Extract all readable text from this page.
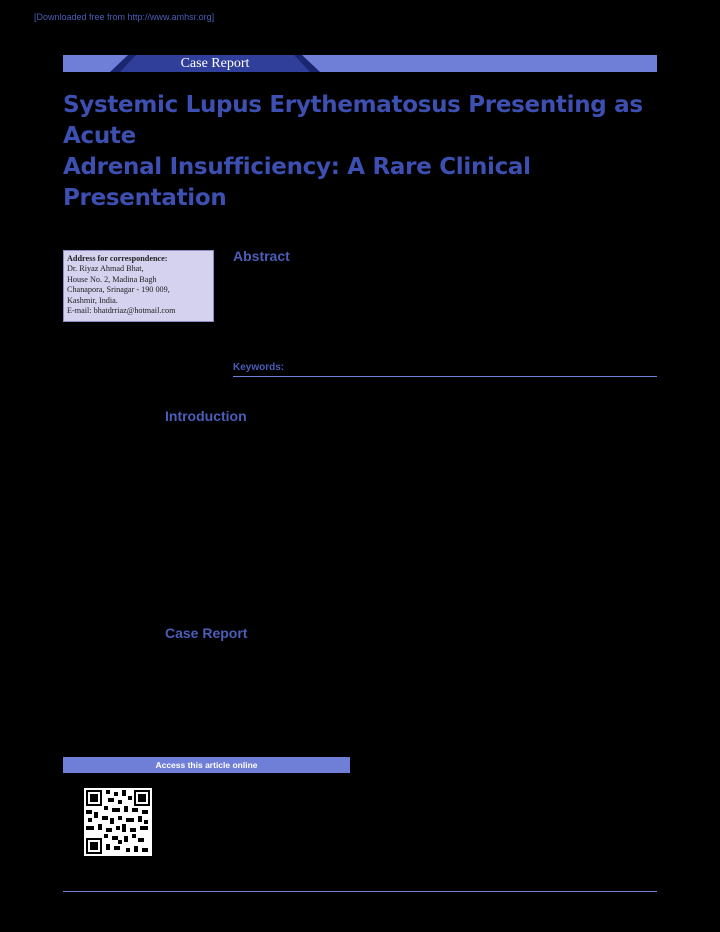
[Downloaded free from http://www.amhsr.org]
Case Report
Systemic Lupus Erythematosus Presenting as Acute
Adrenal Insufficiency: A Rare Clinical Presentation
Address for correspondence:
Dr. Riyaz Ahmad Bhat,
House No. 2, Madina Bagh
Chanapora, Srinagar - 190 009,
Kashmir, India.
E-mail: bhatdrriaz@hotmail.com
Abstract
Keywords:
Introduction
Case Report
Access this article online
